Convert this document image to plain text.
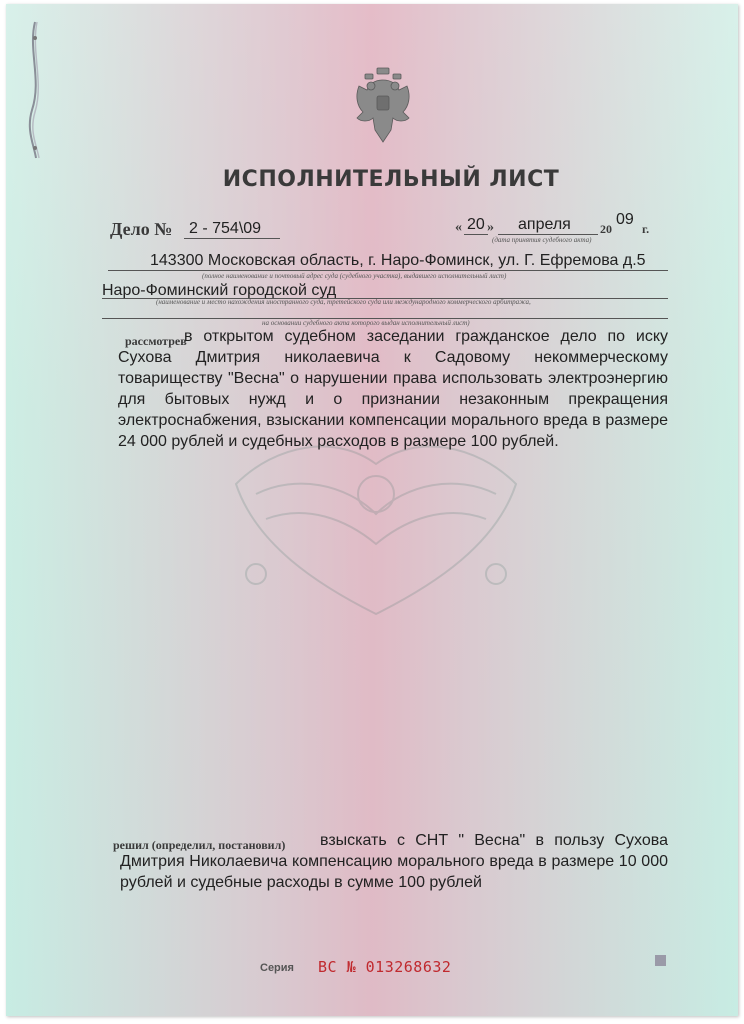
ИСПОЛНИТЕЛЬНЫЙ ЛИСТ
Дело № 2 - 754\09	« 20 » апреля 20
09
г.
(дата принятия судебного акта)
143300 Московская область, г. Наро-Фоминск, ул. Г. Ефремова д.5
(полное наименование и почтовый адрес суда (судебного участка), выдавшего исполнительный лист)
Наро-Фоминский городской суд
(наименование и место нахождения иностранного суда, третейского суда или международного коммерческого арбитража,
на основании судебного акта которого выдан исполнительный лист)
рассмотрев
в открытом судебном заседании гражданское дело по иску Сухова Дмитрия николаевича к Садовому некоммерческому товариществу "Весна" о нарушении права использовать электроэнергию для бытовых нужд и о признании незаконным прекращения электроснабжения, взыскании компенсации морального вреда в размере 24 000 рублей и судебных расходов в размере 100 рублей.
решил (определил, постановил)	взыскать с СНТ " Весна" в пользу Сухова Дмитрия Николаевича компенсацию морального вреда в размере 10 000 рублей и судебные расходы в сумме 100 рублей
Серия ВС № 013268632
